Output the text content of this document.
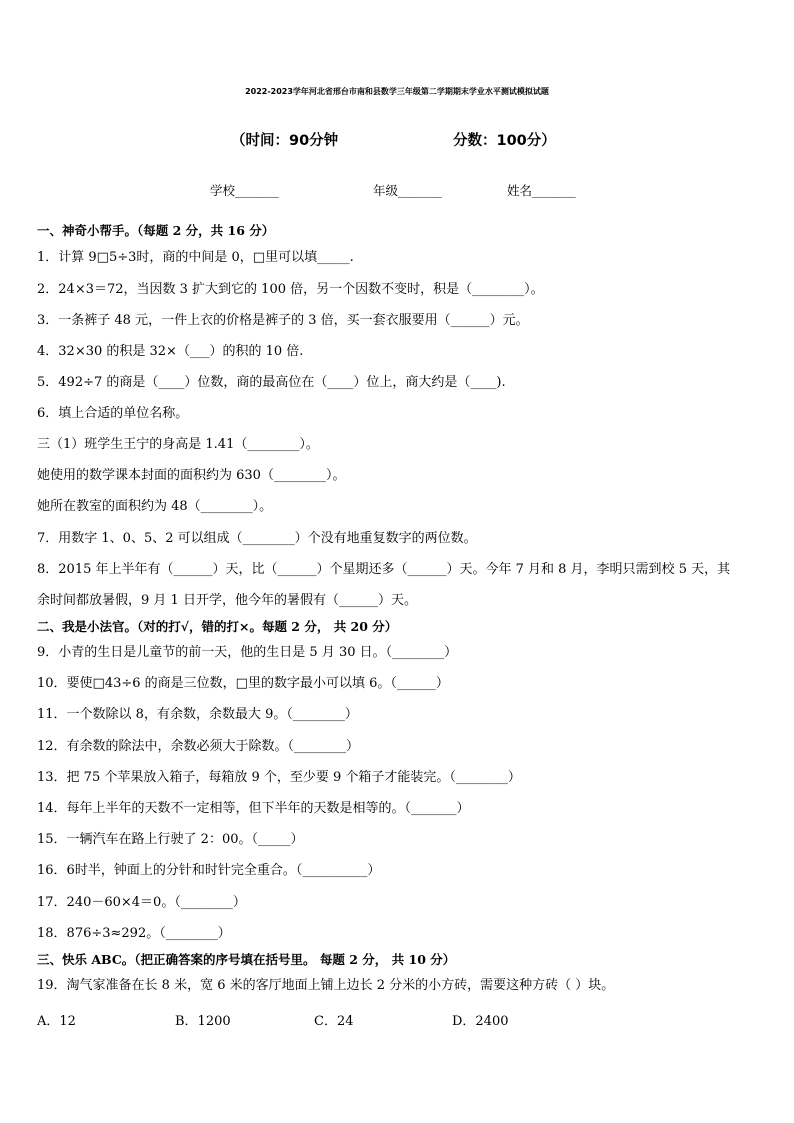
2022-2023学年河北省邢台市南和县数学三年级第二学期期末学业水平测试模拟试题
（时间：90分钟	分数：100分）
学校_______	年级_______	姓名_______
一、神奇小帮手。（每题 2 分，共 16 分）
1．计算 9□5÷3时，商的中间是 0，□里可以填_____.
2．24×3＝72，当因数 3 扩大到它的 100 倍，另一个因数不变时，积是（________）。
3．一条裤子 48 元，一件上衣的价格是裤子的 3 倍，买一套衣服要用（______）元。
4．32×30 的积是 32×（___）的积的 10 倍.
5．492÷7 的商是（____）位数，商的最高位在（____）位上，商大约是（____).
6．填上合适的单位名称。
三（1）班学生王宁的身高是 1.41（________）。
她使用的数学课本封面的面积约为 630（________）。
她所在教室的面积约为 48（________）。
7．用数字 1、0、5、2 可以组成（________）个没有地重复数字的两位数。
8．2015 年上半年有（______）天，比（______）个星期还多（______）天。今年 7 月和 8 月，李明只需到校 5 天，其
余时间都放暑假，9 月 1 日开学，他今年的暑假有（______）天。
二、我是小法官。（对的打√，错的打×。每题 2 分， 共 20 分）
9．小青的生日是儿童节的前一天，他的生日是 5 月 30 日。（________）
10．要使□43÷6 的商是三位数，□里的数字最小可以填 6。（______）
11．一个数除以 8，有余数，余数最大 9。（________）
12．有余数的除法中，余数必须大于除数。（________）
13．把 75 个苹果放入箱子，每箱放 9 个，至少要 9 个箱子才能装完。（________）
14．每年上半年的天数不一定相等，但下半年的天数是相等的。（_______）
15．一辆汽车在路上行驶了 2：00。（_____）
16．6时半，钟面上的分针和时针完全重合。（__________）
17．240－60×4＝0。（________）
18．876÷3≈292。（________）
三、快乐 ABC。（把正确答案的序号填在括号里。 每题 2 分， 共 10 分）
19．淘气家准备在长 8 米，宽 6 米的客厅地面上铺上边长 2 分米的小方砖，需要这种方砖（ ）块。
A．12	B．1200	C．24	D．2400
